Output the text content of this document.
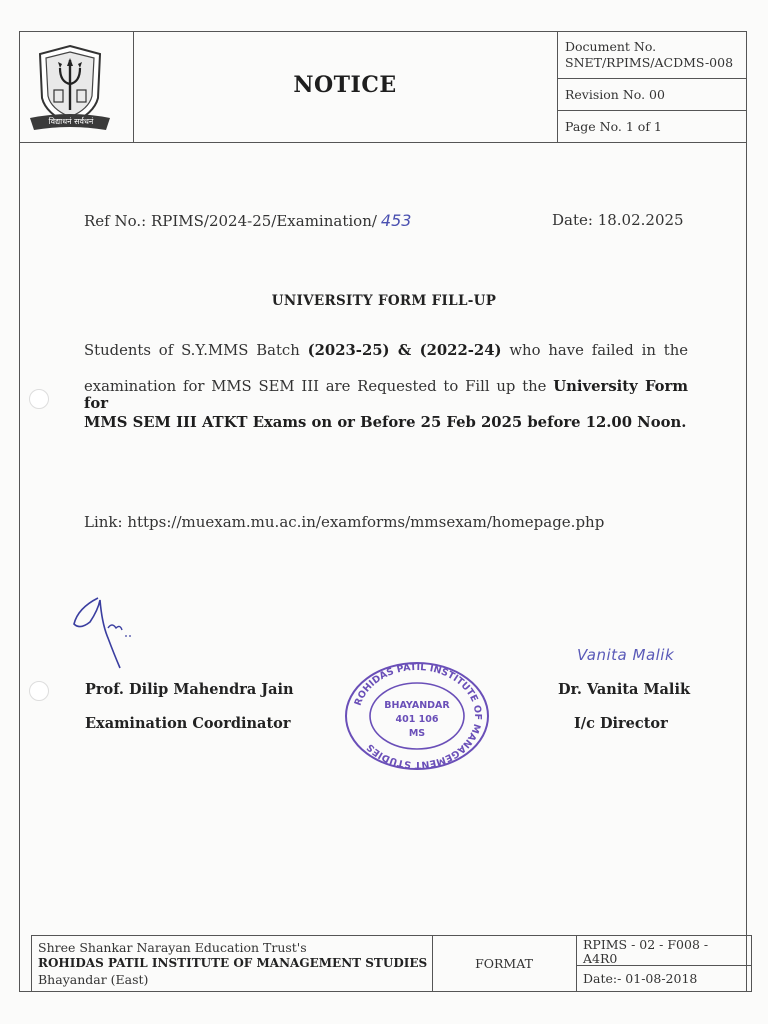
विद्याधनं सर्वधनं
NOTICE
Document No.
SNET/RPIMS/ACDMS-008
Revision No. 00
Page No. 1 of 1
Ref No.: RPIMS/2024-25/Examination/ 453	Date: 18.02.2025
UNIVERSITY FORM FILL-UP
Students of S.Y.MMS Batch (2023-25) & (2022-24) who have failed in the
examination for MMS SEM III are Requested to Fill up the University Form for
MMS SEM III ATKT Exams on or Before 25 Feb 2025 before 12.00 Noon.
Link: https://muexam.mu.ac.in/examforms/mmsexam/homepage.php
Prof. Dilip Mahendra Jain
Examination Coordinator
ROHIDAS PATIL INSTITUTE OF MANAGEMENT STUDIES
BHAYANDAR
401 106
MS
Vanita Malik
Dr. Vanita Malik
I/c Director
Shree Shankar Narayan Education Trust's
ROHIDAS PATIL INSTITUTE OF MANAGEMENT STUDIES
Bhayandar (East)
FORMAT
RPIMS - 02 - F008 -
A4R0
Date:- 01-08-2018
